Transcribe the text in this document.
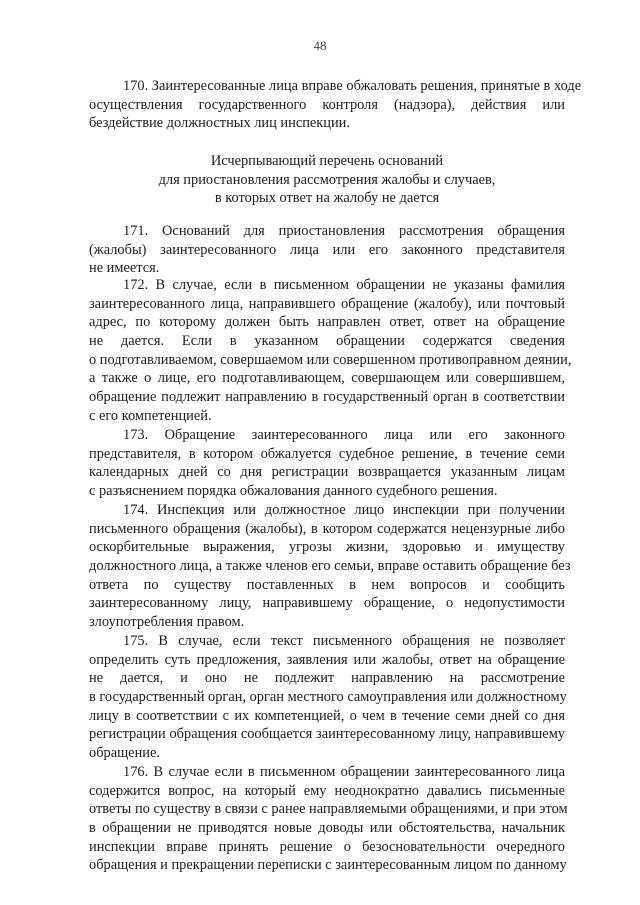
48
170. Заинтересованные лица вправе обжаловать решения, принятые в ходе
осуществления государственного контроля (надзора), действия или
бездействие должностных лиц инспекции.
Исчерпывающий перечень оснований
для приостановления рассмотрения жалобы и случаев,
в которых ответ на жалобу не дается
171. Оснований для приостановления рассмотрения обращения
(жалобы) заинтересованного лица или его законного представителя
не имеется.
172. В случае, если в письменном обращении не указаны фамилия
заинтересованного лица, направившего обращение (жалобу), или почтовый
адрес, по которому должен быть направлен ответ, ответ на обращение
не дается. Если в указанном обращении содержатся сведения
о подготавливаемом, совершаемом или совершенном противоправном деянии,
а также о лице, его подготавливающем, совершающем или совершившем,
обращение подлежит направлению в государственный орган в соответствии
с его компетенцией.
173. Обращение заинтересованного лица или его законного
представителя, в котором обжалуется судебное решение, в течение семи
календарных дней со дня регистрации возвращается указанным лицам
с разъяснением порядка обжалования данного судебного решения.
174. Инспекция или должностное лицо инспекции при получении
письменного обращения (жалобы), в котором содержатся нецензурные либо
оскорбительные выражения, угрозы жизни, здоровью и имуществу
должностного лица, а также членов его семьи, вправе оставить обращение без
ответа по существу поставленных в нем вопросов и сообщить
заинтересованному лицу, направившему обращение, о недопустимости
злоупотребления правом.
175. В случае, если текст письменного обращения не позволяет
определить суть предложения, заявления или жалобы, ответ на обращение
не дается, и оно не подлежит направлению на рассмотрение
в государственный орган, орган местного самоуправления или должностному
лицу в соответствии с их компетенцией, о чем в течение семи дней со дня
регистрации обращения сообщается заинтересованному лицу, направившему
обращение.
176. В случае если в письменном обращении заинтересованного лица
содержится вопрос, на который ему неоднократно давались письменные
ответы по существу в связи с ранее направляемыми обращениями, и при этом
в обращении не приводятся новые доводы или обстоятельства, начальник
инспекции вправе принять решение о безосновательности очередного
обращения и прекращении переписки с заинтересованным лицом по данному
